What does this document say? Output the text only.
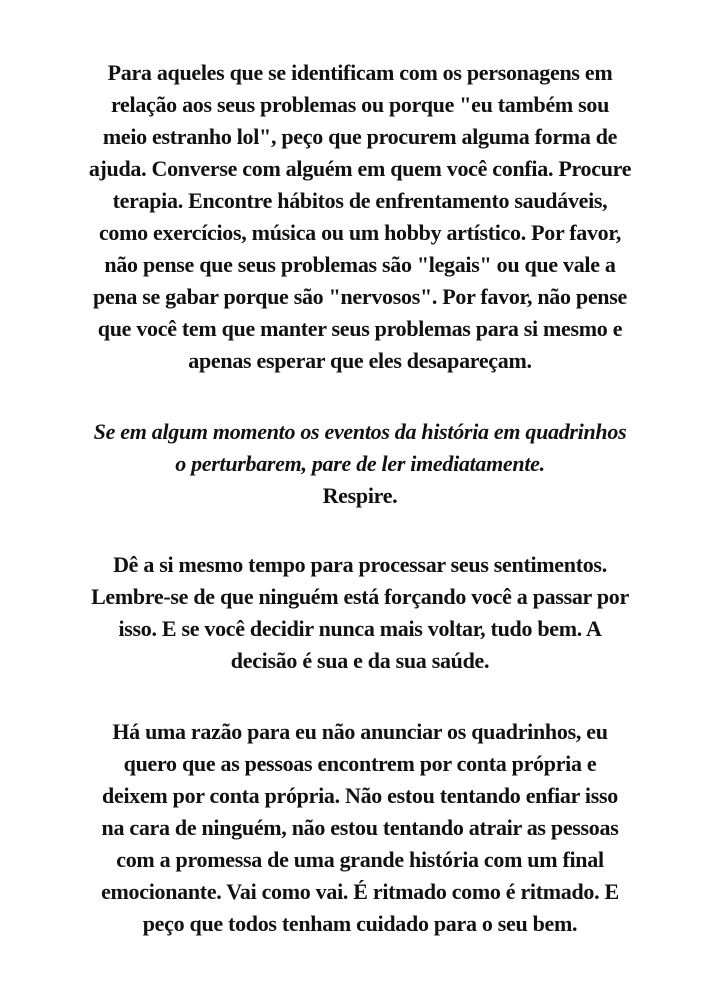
Para aqueles que se identificam com os personagens em
relação aos seus problemas ou porque "eu também sou
meio estranho lol", peço que procurem alguma forma de
ajuda. Converse com alguém em quem você confia. Procure
terapia. Encontre hábitos de enfrentamento saudáveis,
como exercícios, música ou um hobby artístico. Por favor,
não pense que seus problemas são "legais" ou que vale a
pena se gabar porque são "nervosos". Por favor, não pense
que você tem que manter seus problemas para si mesmo e
apenas esperar que eles desapareçam.

Se em algum momento os eventos da história em quadrinhos
o perturbarem, pare de ler imediatamente.

Respire.

Dê a si mesmo tempo para processar seus sentimentos.
Lembre-se de que ninguém está forçando você a passar por
isso. E se você decidir nunca mais voltar, tudo bem. A
decisão é sua e da sua saúde.

Há uma razão para eu não anunciar os quadrinhos, eu
quero que as pessoas encontrem por conta própria e
deixem por conta própria. Não estou tentando enfiar isso
na cara de ninguém, não estou tentando atrair as pessoas
com a promessa de uma grande história com um final
emocionante. Vai como vai. É ritmado como é ritmado. E
peço que todos tenham cuidado para o seu bem.
